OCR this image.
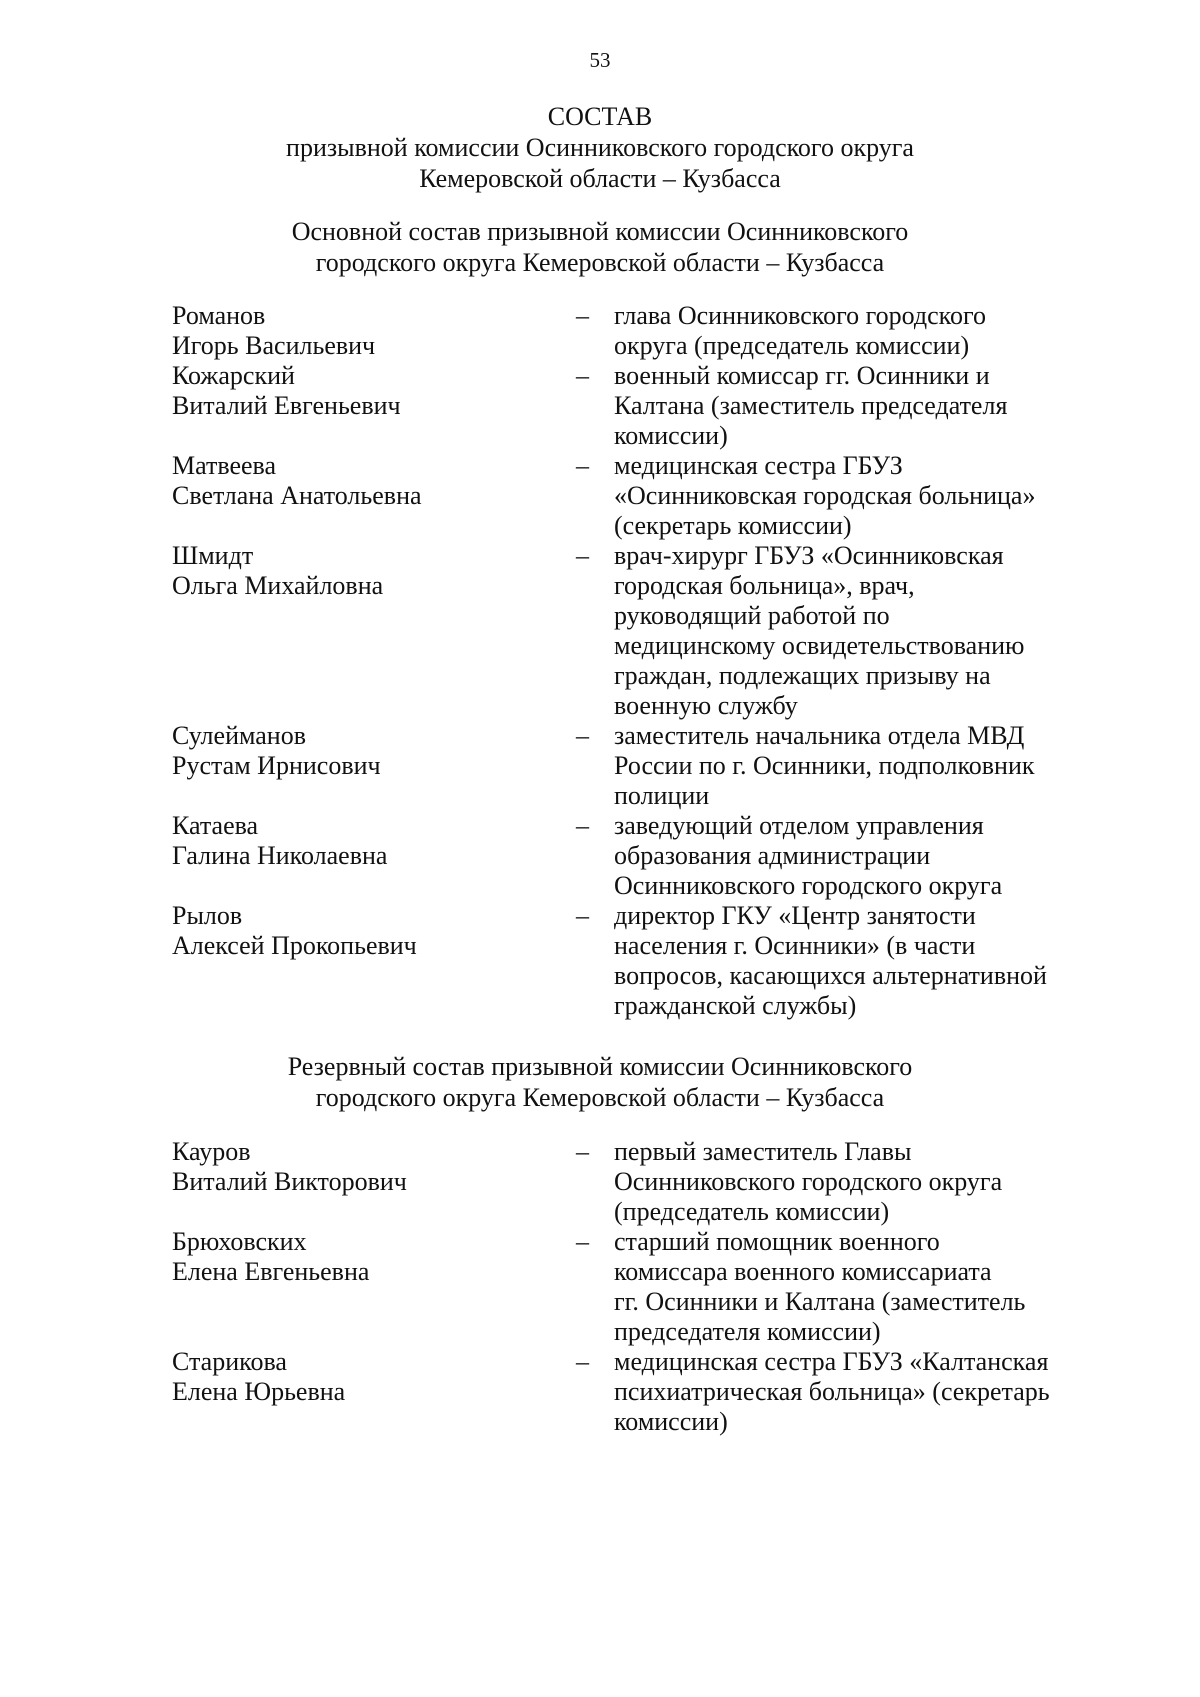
53
СОСТАВ
призывной комиссии Осинниковского городского округа
Кемеровской области – Кузбасса
Основной состав призывной комиссии Осинниковского
городского округа Кемеровской области – Кузбасса
Романов
Игорь Васильевич
– глава Осинниковского городского
округа (председатель комиссии)
Кожарский
Виталий Евгеньевич
– военный комиссар гг. Осинники и
Калтана (заместитель председателя
комиссии)
Матвеева
Светлана Анатольевна
– медицинская сестра ГБУЗ
«Осинниковская городская больница»
(секретарь комиссии)
Шмидт
Ольга Михайловна
– врач-хирург ГБУЗ «Осинниковская
городская больница», врач,
руководящий работой по
медицинскому освидетельствованию
граждан, подлежащих призыву на
военную службу
Сулейманов
Рустам Ирнисович
– заместитель начальника отдела МВД
России по г. Осинники, подполковник
полиции
Катаева
Галина Николаевна
– заведующий отделом управления
образования администрации
Осинниковского городского округа
Рылов
Алексей Прокопьевич
– директор ГКУ «Центр занятости
населения г. Осинники» (в части
вопросов, касающихся альтернативной
гражданской службы)
Резервный состав призывной комиссии Осинниковского
городского округа Кемеровской области – Кузбасса
Кауров
Виталий Викторович
– первый заместитель Главы
Осинниковского городского округа
(председатель комиссии)
Брюховских
Елена Евгеньевна
– старший помощник военного
комиссара военного комиссариата
гг. Осинники и Калтана (заместитель
председателя комиссии)
Старикова
Елена Юрьевна
– медицинская сестра ГБУЗ «Калтанская
психиатрическая больница» (секретарь
комиссии)
